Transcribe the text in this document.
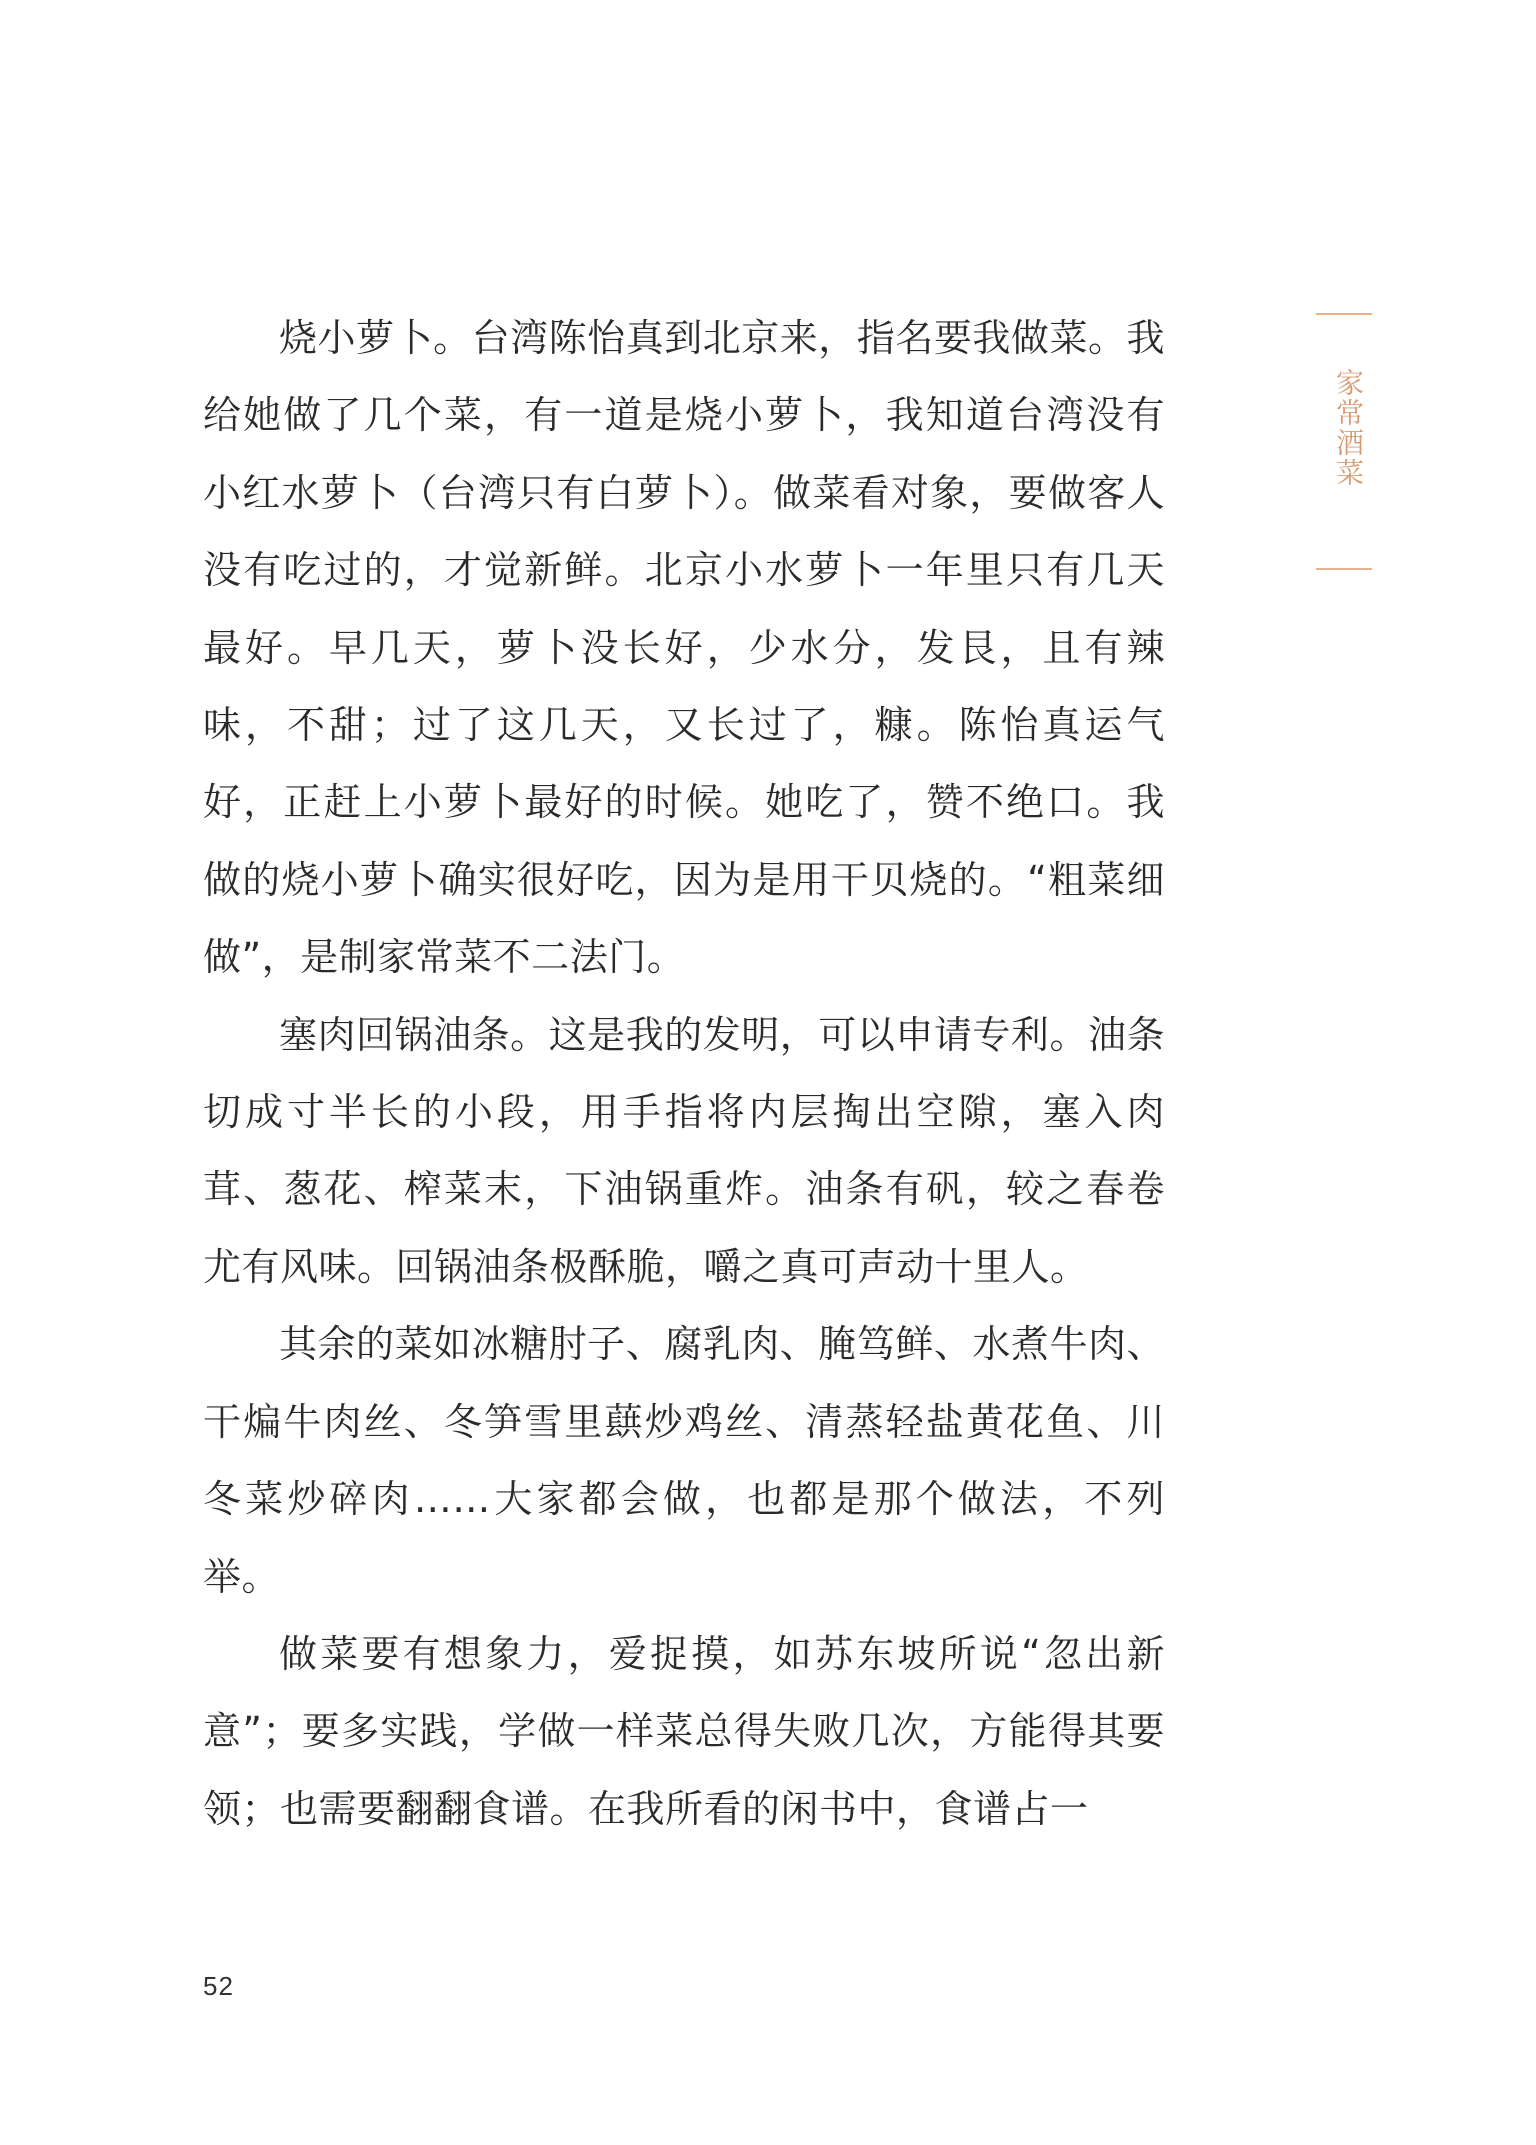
家常酒菜

烧小萝卜。台湾陈怡真到北京来，指名要我做菜。我给她做了几个菜，有一道是烧小萝卜，我知道台湾没有小红水萝卜（台湾只有白萝卜）。做菜看对象，要做客人没有吃过的，才觉新鲜。北京小水萝卜一年里只有几天最好。早几天，萝卜没长好，少水分，发艮，且有辣味，不甜；过了这几天，又长过了，糠。陈怡真运气好，正赶上小萝卜最好的时候。她吃了，赞不绝口。我做的烧小萝卜确实很好吃，因为是用干贝烧的。“粗菜细做”，是制家常菜不二法门。

塞肉回锅油条。这是我的发明，可以申请专利。油条切成寸半长的小段，用手指将内层掏出空隙，塞入肉茸、葱花、榨菜末，下油锅重炸。油条有矾，较之春卷尤有风味。回锅油条极酥脆，嚼之真可声动十里人。

其余的菜如冰糖肘子、腐乳肉、腌笃鲜、水煮牛肉、干煸牛肉丝、冬笋雪里蕻炒鸡丝、清蒸轻盐黄花鱼、川冬菜炒碎肉……大家都会做，也都是那个做法，不列举。

做菜要有想象力，爱捉摸，如苏东坡所说“忽出新意”；要多实践，学做一样菜总得失败几次，方能得其要领；也需要翻翻食谱。在我所看的闲书中，食谱占一

52
